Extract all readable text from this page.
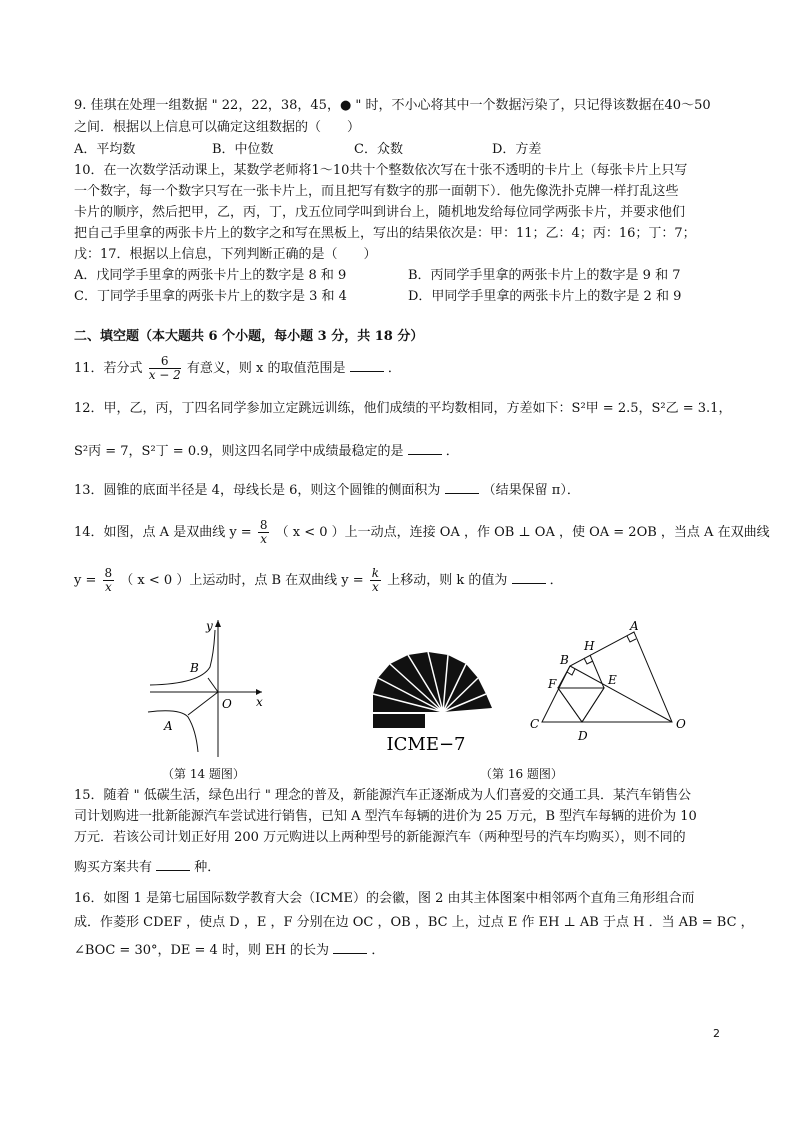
9. 佳琪在处理一组数据 " 22，22，38，45，● " 时，不小心将其中一个数据污染了，只记得该数据在40～50
之间．根据以上信息可以确定这组数据的（　　）
A．平均数	B．中位数	C．众数	D．方差
10．在一次数学活动课上，某数学老师将1～10共十个整数依次写在十张不透明的卡片上（每张卡片上只写
一个数字，每一个数字只写在一张卡片上，而且把写有数字的那一面朝下）．他先像洗扑克牌一样打乱这些
卡片的顺序，然后把甲，乙，丙，丁，戊五位同学叫到讲台上，随机地发给每位同学两张卡片，并要求他们
把自己手里拿的两张卡片上的数字之和写在黑板上，写出的结果依次是：甲：11；乙：4；丙：16；丁：7；
戊：17．根据以上信息，下列判断正确的是（　　）
A．戊同学手里拿的两张卡片上的数字是 8 和 9	B．丙同学手里拿的两张卡片上的数字是 9 和 7
C．丁同学手里拿的两张卡片上的数字是 3 和 4	D．甲同学手里拿的两张卡片上的数字是 2 和 9
二、填空题（本大题共 6 个小题，每小题 3 分，共 18 分）
11．若分式 $\frac{6}{x - 2}$ 有意义，则 x 的取值范围是	．
12．甲，乙，丙，丁四名同学参加立定跳远训练，他们成绩的平均数相同，方差如下：S²甲 = 2.5，S²乙 = 3.1，
S²丙 = 7，S²丁 = 0.9，则这四名同学中成绩最稳定的是	．
13．圆锥的底面半径是 4，母线长是 6，则这个圆锥的侧面积为	（结果保留 π）．
14．如图，点 A 是双曲线 $y = \frac{8}{x}$ （ x < 0 ）上一动点，连接 OA ，作 OB ⊥ OA ，使 OA = 2OB ，当点 A 在双曲线
$y = \frac{8}{x}$ （ x < 0 ）上运动时，点 B 在双曲线 $y = \frac{k}{x}$ 上移动，则 k 的值为	．
y
B
O x
A
（第 14 题图）
ICME−7
A
H
B
F	E
C
D
O
（第 16 题图）
15．随着 " 低碳生活，绿色出行 " 理念的普及，新能源汽车正逐渐成为人们喜爱的交通工具．某汽车销售公
司计划购进一批新能源汽车尝试进行销售，已知 A 型汽车每辆的进价为 25 万元，B 型汽车每辆的进价为 10
万元．若该公司计划正好用 200 万元购进以上两种型号的新能源汽车（两种型号的汽车均购买），则不同的
购买方案共有	种．
16．如图 1 是第七届国际数学教育大会（ICME）的会徽，图 2 由其主体图案中相邻两个直角三角形组合而
成．作菱形 CDEF ，使点 D ，E ，F 分别在边 OC ，OB ，BC 上，过点 E 作 EH ⊥ AB 于点 H ．当 AB = BC ，
∠BOC = 30°，DE = 4 时，则 EH 的长为	．
2
